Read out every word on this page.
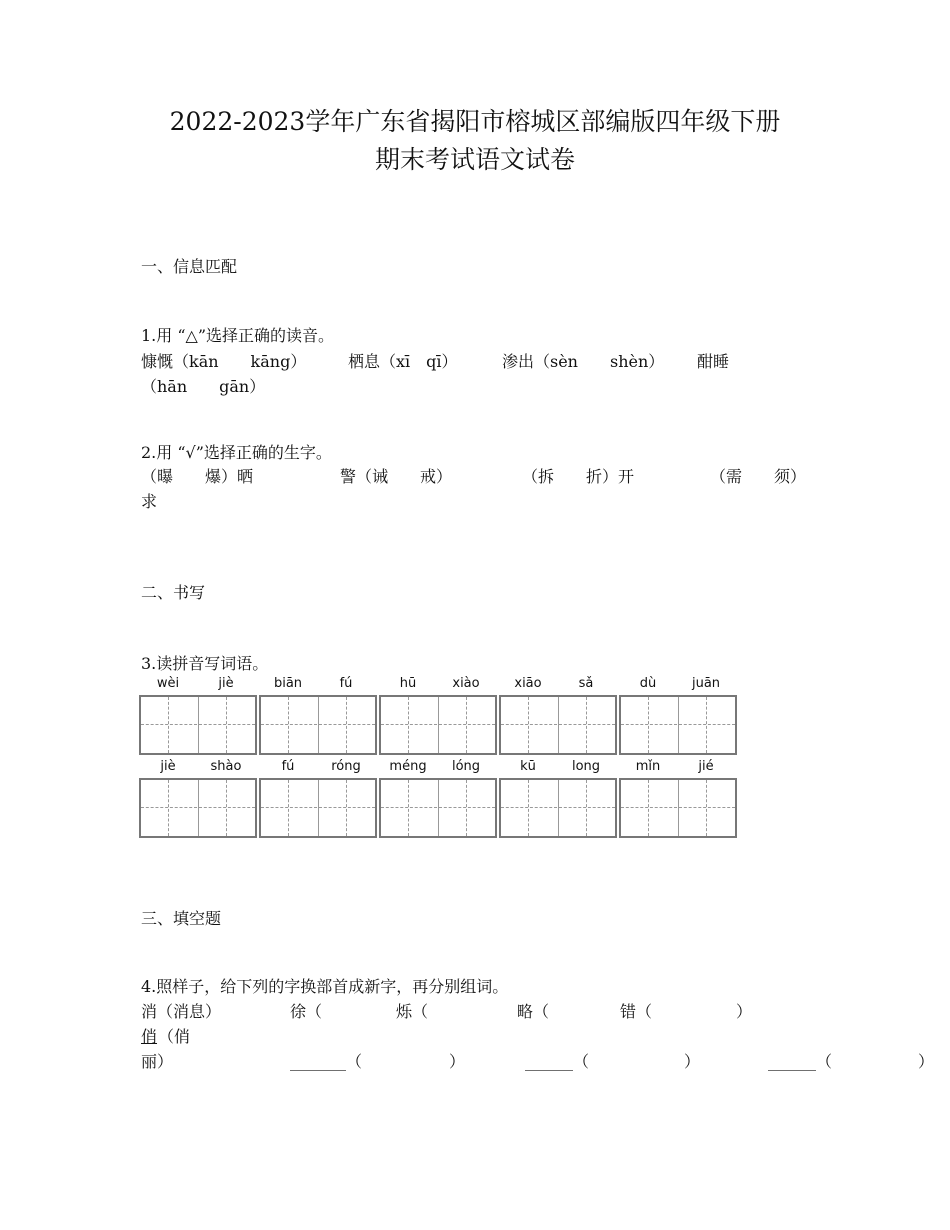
2022-2023学年广东省揭阳市榕城区部编版四年级下册
期末考试语文试卷
一、信息匹配
1.用 “△”选择正确的读音。
慷慨（kān　　kāng）	栖息（xī　qī）	渗出（sèn　　shèn） 酣睡
（hān　　gān）
2.用 “√”选择正确的生字。
（曝　　爆）晒	警（诫　　戒）	（拆　　折）开	（需　　须）
求
二、书写
3.读拼音写词语。
wèi	jiè	biān	fú	hū	xiào	xiāo	sǎ	dù	juān
jiè	shào	fú	róng	méng	lóng	kū	long	mǐn	jié
三、填空题
4.照样子，给下列的字换部首成新字，再分别组词。
消（消息）	徐（	烁（	略（	错（	）
俏 （俏
丽）	_______（	）	______（	）	______（	）
